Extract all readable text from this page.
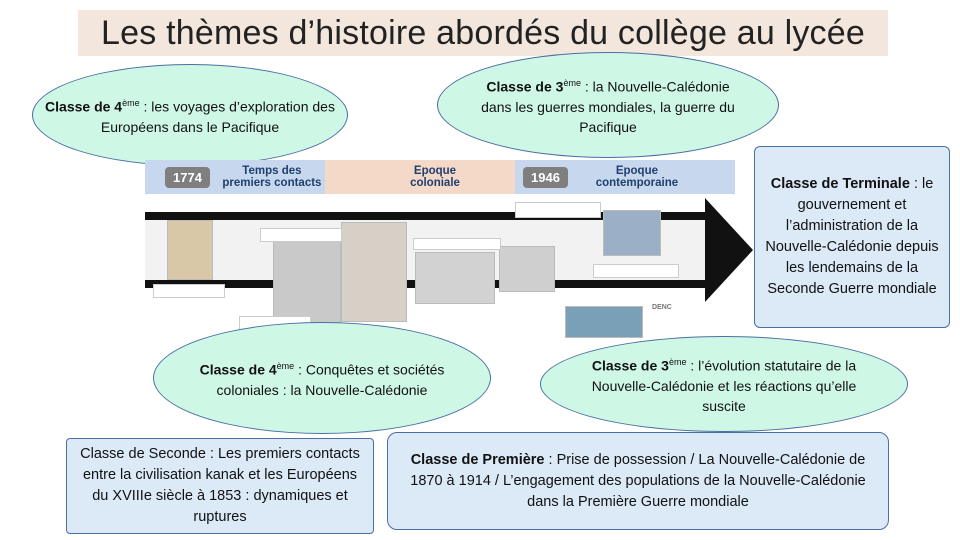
Les thèmes d’histoire abordés du collège au lycée
Classe de 4ème : les voyages d’exploration des Européens dans le Pacifique
Classe de 3ème : la Nouvelle-Calédonie dans les guerres mondiales, la guerre du Pacifique
1774	Temps des premiers contacts
Epoque coloniale	1946	Epoque contemporaine
DENC
Classe de Terminale : le gouvernement et l’administration de la Nouvelle-Calédonie depuis les lendemains de la Seconde Guerre mondiale
Classe de 4ème : Conquêtes et sociétés coloniales : la Nouvelle-Calédonie
Classe de 3ème : l’évolution statutaire de la Nouvelle-Calédonie et les réactions qu’elle suscite
Classe de Seconde : Les premiers contacts entre la civilisation kanak et les Européens du XVIIIe siècle à 1853 : dynamiques et ruptures
Classe de Première : Prise de possession / La Nouvelle-Calédonie de 1870 à 1914 / L’engagement des populations de la Nouvelle-Calédonie dans la Première Guerre mondiale
